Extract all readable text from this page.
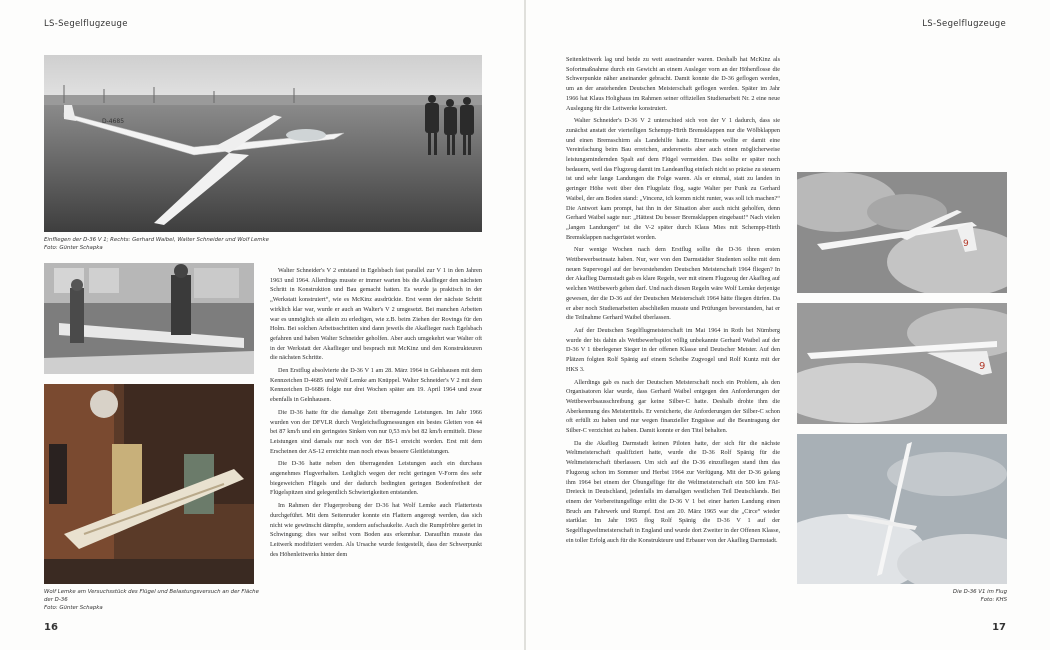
LS-Segelflugzeuge	LS-Segelflugzeuge
D-4685
Einfliegen der D-36 V 1; Rechts: Gerhard Waibel, Walter Schneider und Wolf Lemke
Foto: Günter Schapka
Wolf Lemke am Versuchsstück des Flügel und Belastungsversuch an der Fläche der D-36
Foto: Günter Schapka

Walter Schneider's V 2 entstand in Egelsbach fast parallel zur V 1 in den Jahren 1963 und 1964. Allerdings musste er immer warten bis die Akaflieger den nächsten Schritt in Konstruktion und Bau gemacht hatten. Es wurde ja praktisch in der „Werkstatt konstruiert“, wie es McKinz ausdrückte. Erst wenn der nächste Schritt wirklich klar war, wurde er auch an Walter's V 2 umgesetzt. Bei manchen Arbeiten war es unmöglich sie allein zu erledigen, wie z.B. beim Ziehen der Rovings für den Holm. Bei solchen Arbeitsschritten sind dann jeweils die Akaflieger nach Egelsbach gefahren und haben Walter Schneider geholfen. Aber auch umgekehrt war Walter oft in der Werkstatt der Akaflieger und besprach mit McKinz und den Konstrukteuren die nächsten Schritte.

Den Erstflug absolvierte die D-36 V 1 am 28. März 1964 in Gelnhausen mit dem Kennzeichen D-4685 und Wolf Lemke am Knüppel. Walter Schneider's V 2 mit dem Kennzeichen D-6686 folgte nur drei Wochen später am 19. April 1964 und zwar ebenfalls in Gelnhausen.

Die D-36 hatte für die damalige Zeit überragende Leistungen. Im Jahr 1966 wurden von der DFVLR durch Vergleichsflugmessungen ein bestes Gleiten von 44 bei 87 km/h und ein geringstes Sinken von nur 0,53 m/s bei 82 km/h ermittelt. Diese Leistungen sind damals nur noch von der BS-1 erreicht worden. Erst mit dem Erscheinen der AS-12 erreichte man noch etwas bessere Gleitleistungen.

Die D-36 hatte neben den überragenden Leistungen auch ein durchaus angenehmes Flugverhalten. Lediglich wegen der recht geringen V-Form des sehr biegeweichen Flügels und der dadurch bedingten geringen Bodenfreiheit der Flügelspitzen sind gelegentlich Schwierigkeiten entstanden.

Im Rahmen der Flugerprobung der D-36 hat Wolf Lemke auch Flattertests durchgeführt. Mit dem Seitenruder konnte ein Flattern angeregt werden, das sich nicht wie gewünscht dämpfte, sondern aufschaukelte. Auch die Rumpfröhre geriet in Schwingung; dies war selbst vom Boden aus erkennbar. Daraufhin musste das Leitwerk modifiziert werden. Als Ursache wurde festgestellt, dass der Schwerpunkt des Höhenleitwerks hinter dem

16

Seitenleitwerk lag und beide zu weit auseinander waren. Deshalb hat McKinz als Sofortmaßnahme durch ein Gewicht an einem Ausleger vorn an der Höhenflosse die Schwerpunkte näher aneinander gebracht. Damit konnte die D-36 geflogen werden, um an der anstehenden Deutschen Meisterschaft geflogen werden. Später im Jahr 1966 hat Klaus Holighaus im Rahmen seiner offiziellen Studienarbeit Nr. 2 eine neue Auslegung für die Leitwerke konstruiert.

Walter Schneider's D-36 V 2 unterschied sich von der V 1 dadurch, dass sie zunächst anstatt der vierteiligen Schempp-Hirth Bremsklappen nur die Wölbklappen und einen Bremsschirm als Landehilfe hatte. Einerseits wollte er damit eine Vereinfachung beim Bau erreichen, andererseits aber auch einen möglicherweise leistungsmindernden Spalt auf dem Flügel vermeiden. Das sollte er später noch bedauern, weil das Flugzeug damit im Landeanflug einfach nicht so präzise zu steuern ist und sehr lange Landungen die Folge waren. Als er einmal, statt zu landen in geringer Höhe weit über den Flugplatz flog, sagte Walter per Funk zu Gerhard Waibel, der am Boden stand: „Vincenz, ich komm nicht runter, was soll ich machen?“ Die Antwort kam prompt, hat ihn in der Situation aber auch nicht geholfen, denn Gerhard Waibel sagte nur: „Hättest Du besser Bremsklappen eingebaut!“ Nach vielen „langen Landungen“ ist die V-2 später durch Klaus Mies mit Schempp-Hirth Bremsklappen nachgerüstet worden.

Nur wenige Wochen nach dem Erstflug sollte die D-36 ihren ersten Wettbewerbseinsatz haben. Nur, wer von den Darmstädter Studenten sollte mit dem neuen Supervogel auf der bevorstehenden Deutschen Meisterschaft 1964 fliegen? In der Akaflieg Darmstadt gab es klare Regeln, wer mit einem Flugzeug der Akaflieg auf welchen Wettbewerb gehen darf. Und nach diesen Regeln wäre Wolf Lemke derjenige gewesen, der die D-36 auf der Deutschen Meisterschaft 1964 hätte fliegen dürfen. Da er aber noch Studienarbeiten abschließen musste und Prüfungen bevorstanden, hat er die Teilnahme Gerhard Waibel überlassen.

Auf der Deutschen Segelflugmeisterschaft im Mai 1964 in Roth bei Nürnberg wurde der bis dahin als Wettbewerbspilot völlig unbekannte Gerhard Waibel auf der D-36 V 1 überlegener Sieger in der offenen Klasse und Deutscher Meister. Auf den Plätzen folgten Rolf Spänig auf einem Scheibe Zugvogel und Rolf Kuntz mit der HKS 3.

Allerdings gab es nach der Deutschen Meisterschaft noch ein Problem, als den Organisatoren klar wurde, dass Gerhard Waibel entgegen den Anforderungen der Wettbewerbsausschreibung gar keine Silber-C hatte. Deshalb drohte ihm die Aberkennung des Meistertitels. Er versicherte, die Anforderungen der Silber-C schon oft erfüllt zu haben und nur wegen finanzieller Engpässe auf die Beantragung der Silber-C verzichtet zu haben. Damit konnte er den Titel behalten.

Da die Akaflieg Darmstadt keinen Piloten hatte, der sich für die nächste Weltmeisterschaft qualifiziert hatte, wurde die D-36 Rolf Spänig für die Weltmeisterschaft überlassen. Um sich auf die D-36 einzufliegen stand ihm das Flugzeug schon im Sommer und Herbst 1964 zur Verfügung. Mit der D-36 gelang ihm 1964 bei einem der Übungsflüge für die Weltmeisterschaft ein 500 km FAI-Dreieck in Deutschland, jedenfalls im damaligen westlichen Teil Deutschlands. Bei einem der Vorbereitungsflüge erlitt die D-36 V 1 bei einer harten Landung einen Bruch am Fahrwerk und Rumpf. Erst am 20. März 1965 war die „Circe“ wieder startklar. Im Jahr 1965 flog Rolf Spänig die D-36 V 1 auf der Segelflugweltmeisterschaft in England und wurde dort Zweiter in der Offenen Klasse, ein toller Erfolg auch für die Konstrukteure und Erbauer von der Akaflieg Darmstadt.

9
9
Die D-36 V1 im Flug
Foto: KHS
17
